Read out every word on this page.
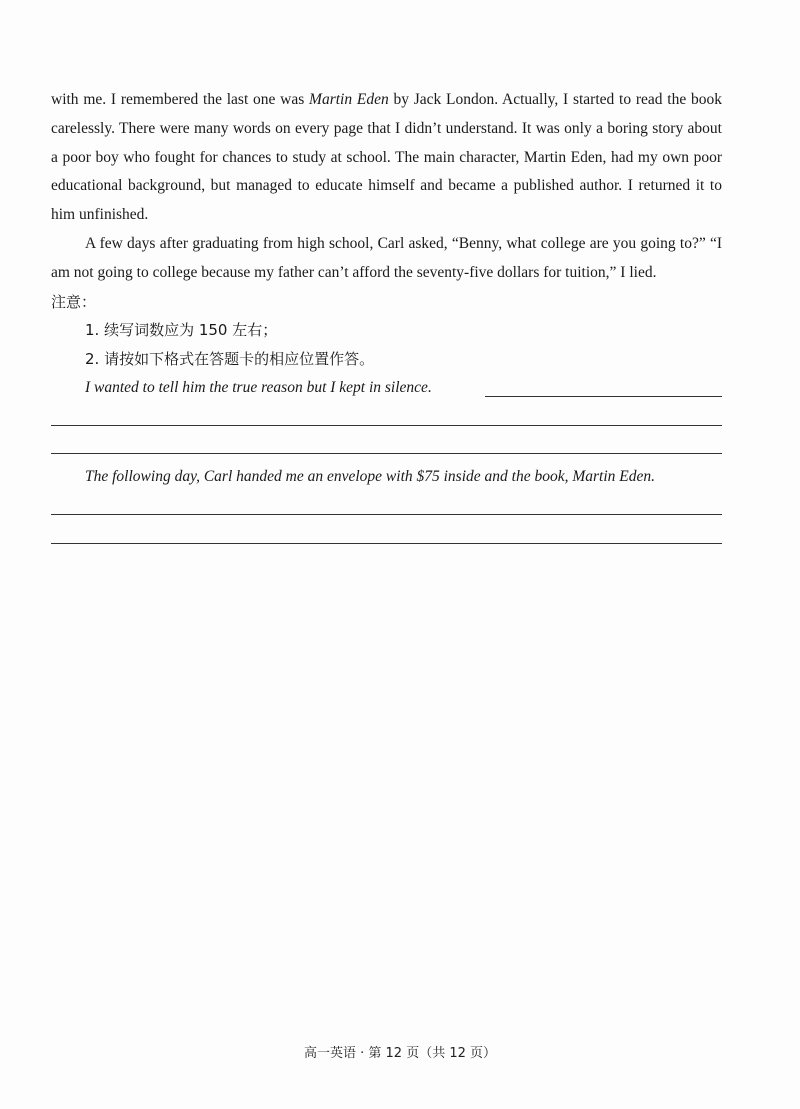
with me. I remembered the last one was Martin Eden by Jack London. Actually, I started to read the book carelessly. There were many words on every page that I didn’t understand. It was only a boring story about a poor boy who fought for chances to study at school. The main character, Martin Eden, had my own poor educational background, but managed to educate himself and became a published author. I returned it to him unfinished.

A few days after graduating from high school, Carl asked, “Benny, what college are you going to?” “I am not going to college because my father can’t afford the seventy-five dollars for tuition,” I lied.

注意：

1. 续写词数应为 150 左右；

2. 请按如下格式在答题卡的相应位置作答。

I wanted to tell him the true reason but I kept in silence.
The following day, Carl handed me an envelope with $75 inside and the book, Martin Eden.
高一英语 · 第 12 页（共 12 页）
